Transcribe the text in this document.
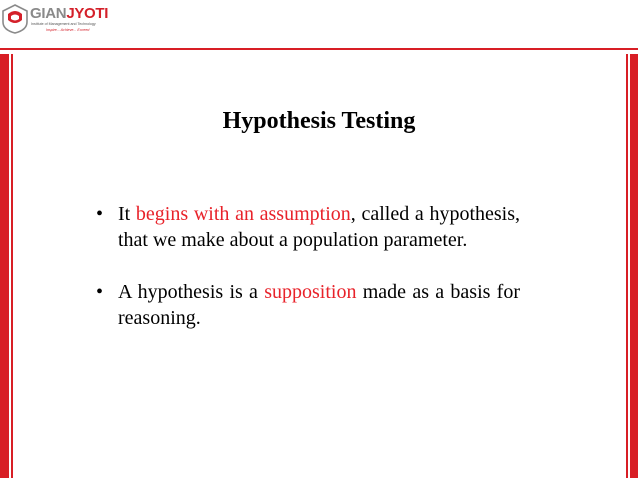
GIANJYOTI
Institute of Management and Technology
Inspire... Achieve... Exceed
Hypothesis Testing
• It begins with an assumption, called a hypothesis, that we make about a population parameter.
• A hypothesis is a supposition made as a basis for reasoning.
